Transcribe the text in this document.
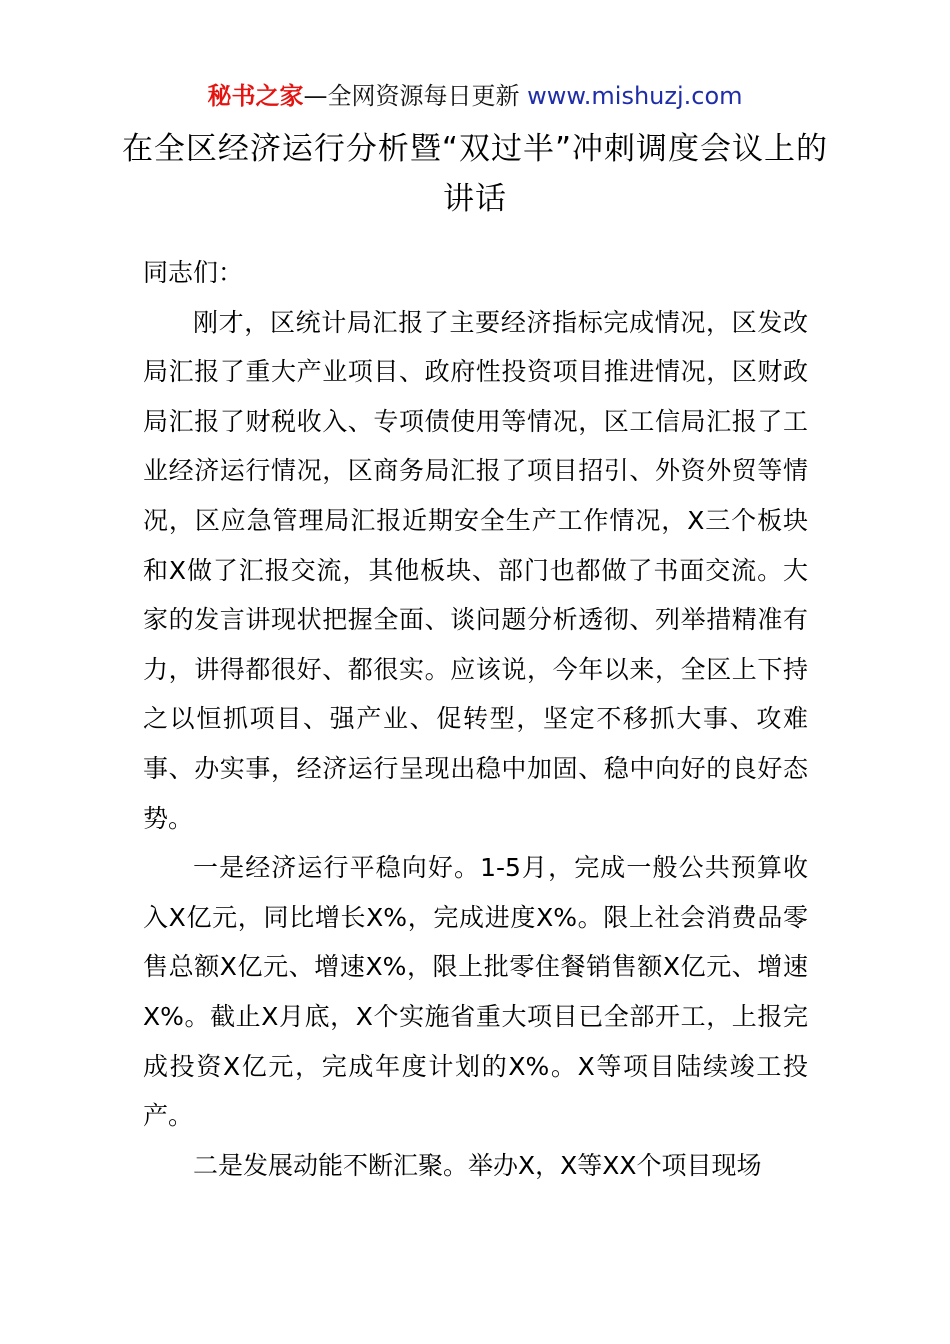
秘书之家—全网资源每日更新 www.mishuzj.com
在全区经济运行分析暨“双过半”冲刺调度会议上的讲话

同志们：

刚才，区统计局汇报了主要经济指标完成情况，区发改局汇报了重大产业项目、政府性投资项目推进情况，区财政局汇报了财税收入、专项债使用等情况，区工信局汇报了工业经济运行情况，区商务局汇报了项目招引、外资外贸等情况，区应急管理局汇报近期安全生产工作情况，X三个板块和X做了汇报交流，其他板块、部门也都做了书面交流。大家的发言讲现状把握全面、谈问题分析透彻、列举措精准有力，讲得都很好、都很实。应该说，今年以来，全区上下持之以恒抓项目、强产业、促转型，坚定不移抓大事、攻难事、办实事，经济运行呈现出稳中加固、稳中向好的良好态势。

一是经济运行平稳向好。1-5月，完成一般公共预算收入X亿元，同比增长X%，完成进度X%。限上社会消费品零售总额X亿元、增速X%，限上批零住餐销售额X亿元、增速X%。截止X月底，X个实施省重大项目已全部开工，上报完成投资X亿元，完成年度计划的X%。X等项目陆续竣工投产。

二是发展动能不断汇聚。举办X，X等XX个项目现场
